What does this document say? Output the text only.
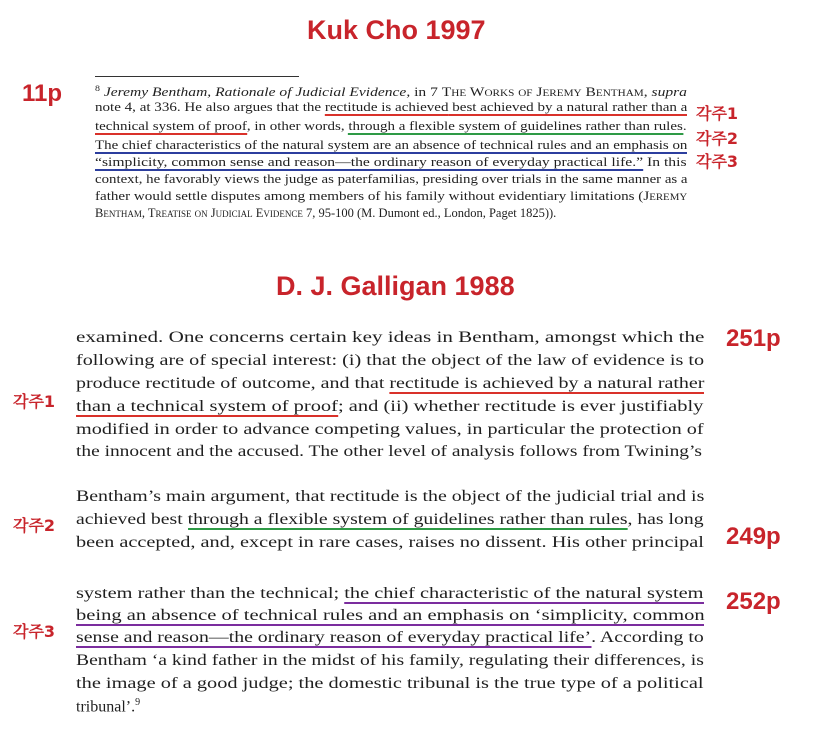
Kuk Cho 1997
11p	$^8$ Jeremy Bentham, Rationale of Judicial Evidence, in 7 The Works of Jeremy Bentham, supra
note 4, at 336. He also argues that the rectitude is achieved best achieved by a natural rather than a
technical system of proof, in other words, through a flexible system of guidelines rather than rules.
The chief characteristics of the natural system are an absence of technical rules and an emphasis on
“simplicity, common sense and reason—the ordinary reason of everyday practical life.” In this
context, he favorably views the judge as paterfamilias, presiding over trials in the same manner as a
father would settle disputes among members of his family without evidentiary limitations (Jeremy
Bentham, Treatise on Judicial Evidence 7, 95-100 (M. Dumont ed., London, Paget 1825)).
각주1
각주2
각주3
D. J. Galligan 1988
251p
249p
252p
각주1
각주2
각주3
examined. One concerns certain key ideas in Bentham, amongst which the
following are of special interest: (i) that the object of the law of evidence is to
produce rectitude of outcome, and that rectitude is achieved by a natural rather
than a technical system of proof; and (ii) whether rectitude is ever justifiably
modified in order to advance competing values, in particular the protection of
the innocent and the accused. The other level of analysis follows from Twining’s
Bentham’s main argument, that rectitude is the object of the judicial trial and is
achieved best through a flexible system of guidelines rather than rules, has long
been accepted, and, except in rare cases, raises no dissent. His other principal
system rather than the technical; the chief characteristic of the natural system
being an absence of technical rules and an emphasis on ‘simplicity, common
sense and reason—the ordinary reason of everyday practical life’. According to
Bentham ‘a kind father in the midst of his family, regulating their differences, is
the image of a good judge; the domestic tribunal is the true type of a political
tribunal’.$^9$
